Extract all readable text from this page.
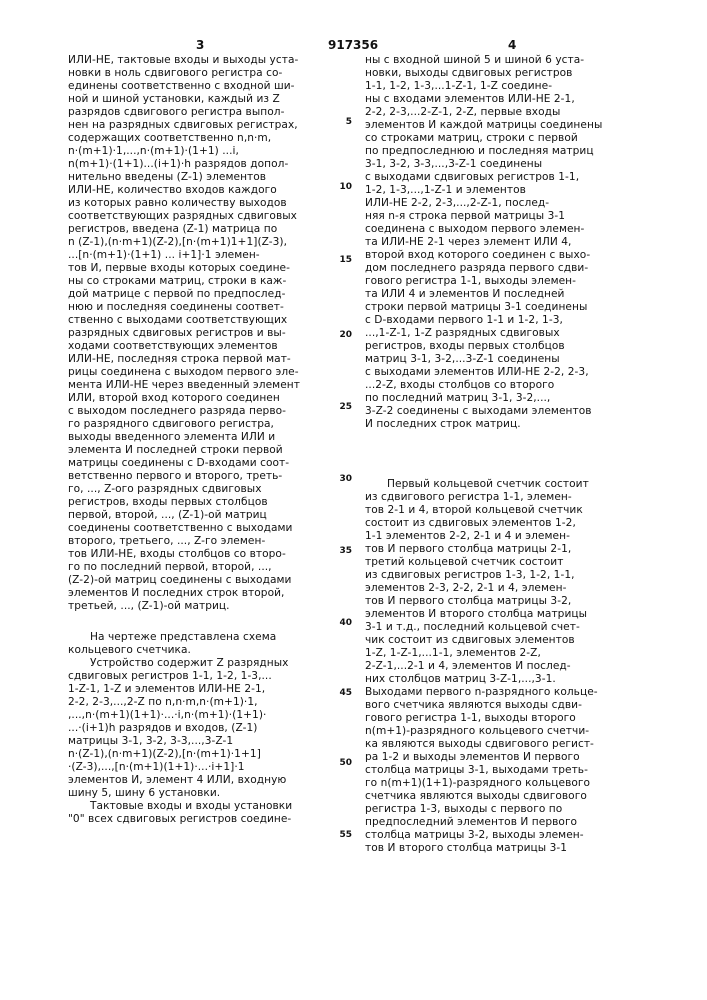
3	917356	4
ИЛИ-НЕ, тактовые входы и выходы уста-
новки в ноль сдвигового регистра со-
единены соответственно с входной ши-
ной и шиной установки, каждый из Z
разрядов сдвигового регистра выпол-
нен на разрядных сдвиговых регистрах,
содержащих соответственно n,n·m,
n·(m+1)·1,...,n·(m+1)·(1+1) ...i,
n(m+1)·(1+1)...(i+1)·h разрядов допол-
нительно введены (Z-1) элементов
ИЛИ-НЕ, количество входов каждого
из которых равно количеству выходов
соответствующих разрядных сдвиговых
регистров, введена (Z-1) матрица по
n (Z-1),(n·m+1)(Z-2),[n·(m+1)1+1](Z-3),
...[n·(m+1)·(1+1) ... i+1]·1 элемен-
тов И, первые входы которых соедине-
ны со строками матриц, строки в каж-
дой матрице с первой по предпослед-
нюю и последняя соединены соответ-
ственно с выходами соответствующих
разрядных сдвиговых регистров и вы-
ходами соответствующих элементов
ИЛИ-НЕ, последняя строка первой мат-
рицы соединена с выходом первого эле-
мента ИЛИ-НЕ через введенный элемент
ИЛИ, второй вход которого соединен
с выходом последнего разряда перво-
го разрядного сдвигового регистра,
выходы введенного элемента ИЛИ и
элемента И последней строки первой
матрицы соединены с D-входами соот-
ветственно первого и второго, треть-
го, ..., Z-ого разрядных сдвиговых
регистров, входы первых столбцов
первой, второй, ..., (Z-1)-ой матриц
соединены соответственно с выходами
второго, третьего, ..., Z-го элемен-
тов ИЛИ-НЕ, входы столбцов со второ-
го по последний первой, второй, ...,
(Z-2)-ой матриц соединены с выходами
элементов И последних строк второй,
третьей, ..., (Z-1)-ой матриц.
На чертеже представлена схема
кольцевого счетчика.
Устройство содержит Z разрядных
сдвиговых регистров 1-1, 1-2, 1-3,...
1-Z-1, 1-Z и элементов ИЛИ-НЕ 2-1,
2-2, 2-3,...,2-Z по n,n·m,n·(m+1)·1,
,...,n·(m+1)(1+1)·...·i,n·(m+1)·(1+1)·
...·(i+1)h разрядов и входов, (Z-1)
матрицы 3-1, 3-2, 3-3,...,3-Z-1
n·(Z-1),(n·m+1)(Z-2),[n·(m+1)·1+1]
·(Z-3),...,[n·(m+1)(1+1)·...·i+1]·1
элементов И, элемент 4 ИЛИ, входную
шину 5, шину 6 установки.
Тактовые входы и входы установки
"0" всех сдвиговых регистров соедине-
ны с входной шиной 5 и шиной 6 уста-
новки, выходы сдвиговых регистров
1-1, 1-2, 1-3,...1-Z-1, 1-Z соедине-
ны с входами элементов ИЛИ-НЕ 2-1,
2-2, 2-3,...2-Z-1, 2-Z, первые входы
элементов И каждой матрицы соединены
со строками матриц, строки с первой
по предпоследнюю и последняя матриц
3-1, 3-2, 3-3,...,3-Z-1 соединены
с выходами сдвиговых регистров 1-1,
1-2, 1-3,...,1-Z-1 и элементов
ИЛИ-НЕ 2-2, 2-3,...,2-Z-1, послед-
няя n-я строка первой матрицы 3-1
соединена с выходом первого элемен-
та ИЛИ-НЕ 2-1 через элемент ИЛИ 4,
второй вход которого соединен с выхо-
дом последнего разряда первого сдви-
гового регистра 1-1, выходы элемен-
та ИЛИ 4 и элементов И последней
строки первой матрицы 3-1 соединены
с D-входами первого 1-1 и 1-2, 1-3,
...,1-Z-1, 1-Z разрядных сдвиговых
регистров, входы первых столбцов
матриц 3-1, 3-2,...3-Z-1 соединены
с выходами элементов ИЛИ-НЕ 2-2, 2-3,
...2-Z, входы столбцов со второго
по последний матриц 3-1, 3-2,...,
3-Z-2 соединены с выходами элементов
И последних строк матриц.
Первый кольцевой счетчик состоит
из сдвигового регистра 1-1, элемен-
тов 2-1 и 4, второй кольцевой счетчик
состоит из сдвиговых элементов 1-2,
1-1 элементов 2-2, 2-1 и 4 и элемен-
тов И первого столбца матрицы 2-1,
третий кольцевой счетчик состоит
из сдвиговых регистров 1-3, 1-2, 1-1,
элементов 2-3, 2-2, 2-1 и 4, элемен-
тов И первого столбца матрицы 3-2,
элементов И второго столбца матрицы
3-1 и т.д., последний кольцевой счет-
чик состоит из сдвиговых элементов
1-Z, 1-Z-1,...1-1, элементов 2-Z,
2-Z-1,...2-1 и 4, элементов И послед-
них столбцов матриц 3-Z-1,...,3-1.
Выходами первого n-разрядного кольце-
вого счетчика являются выходы сдви-
гового регистра 1-1, выходы второго
n(m+1)-разрядного кольцевого счетчи-
ка являются выходы сдвигового регист-
ра 1-2 и выходы элементов И первого
столбца матрицы 3-1, выходами треть-
го n(m+1)(1+1)-разрядного кольцевого
счетчика являются выходы сдвигового
регистра 1-3, выходы с первого по
предпоследний элементов И первого
столбца матрицы 3-2, выходы элемен-
тов И второго столбца матрицы 3-1
5
10
15
20
25
30
35
40
45
50
55
